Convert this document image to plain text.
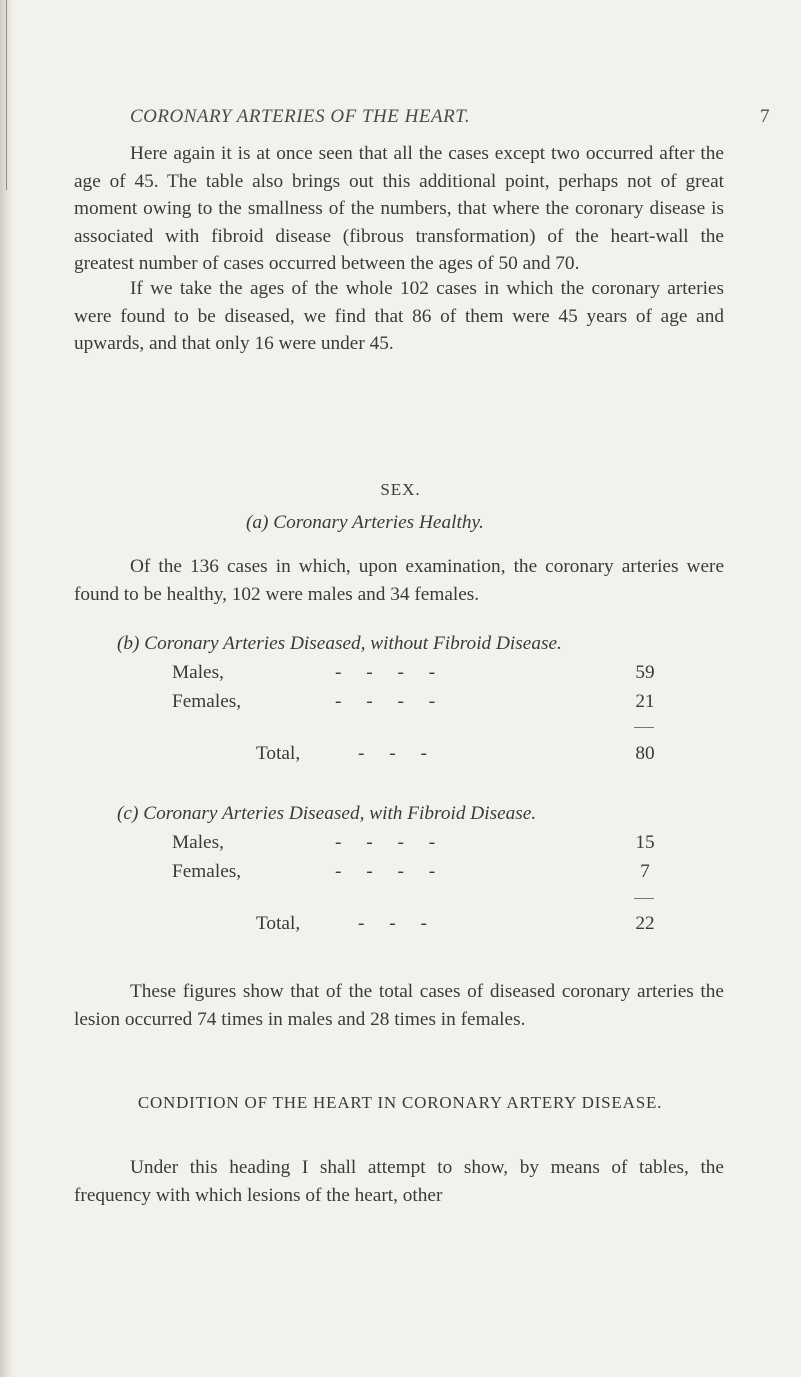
CORONARY ARTERIES OF THE HEART.	7

Here again it is at once seen that all the cases except two occurred after the age of 45. The table also brings out this additional point, perhaps not of great moment owing to the smallness of the numbers, that where the coronary disease is associated with fibroid disease (fibrous transformation) of the heart-wall the greatest number of cases occurred between the ages of 50 and 70.

If we take the ages of the whole 102 cases in which the coronary arteries were found to be diseased, we find that 86 of them were 45 years of age and upwards, and that only 16 were under 45.

SEX.

(a) Coronary Arteries Healthy.

Of the 136 cases in which, upon examination, the coronary arteries were found to be healthy, 102 were males and 34 females.

(b) Coronary Arteries Diseased, without Fibroid Disease.

Males,	- - - -	59

Females,	- - - -	21

Total,	- - -	80

(c) Coronary Arteries Diseased, with Fibroid Disease.

Males,	- - - -	15

Females,	- - - -	7

Total,	- - -	22

These figures show that of the total cases of diseased coronary arteries the lesion occurred 74 times in males and 28 times in females.

CONDITION OF THE HEART IN CORONARY ARTERY DISEASE.

Under this heading I shall attempt to show, by means of tables, the frequency with which lesions of the heart, other
